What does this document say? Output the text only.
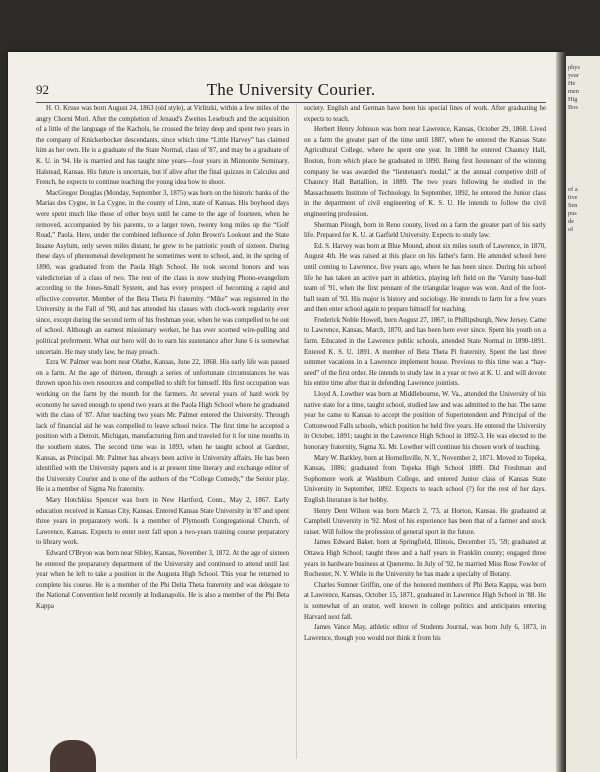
phys
year
He
men
Hig
Bos
of a
tive
Sen
pus
de
of
92	The University Courier.

H. O. Kruse was born August 24, 1863 (old style), at Virlitzki, within a few miles of the angry Chorni Mori. After the completion of Jenaud's Zweites Lesebuch and the acquisition of a little of the language of the Kachols, he crossed the briny deep and spent two years in the company of Knickerbocker descendants, since which time “Little Harvey” has claimed him as her own. He is a graduate of the State Normal, class of '87, and may be a graduate of K. U. in '94. He is married and has taught nine years—four years in Minnonite Seminary, Halstead, Kansas. His future is uncertain, but if alive after the final quizzes in Calculus and French, he expects to continue teaching the young idea how to shoot.

MacGregor Douglas (Monday, September 3, 1875) was born on the historic banks of the Marias des Cygne, in La Cygne, in the county of Linn, state of Kansas. His boyhood days were spent much like those of other boys until he came to the age of fourteen, when he removed, accompanied by his parents, to a larger town, twenty long miles up the “Golf Road,” Paola. Here, under the combined influence of John Brown's Lookout and the State Insane Asylum, only seven miles distant, he grew to be patriotic youth of sixteen. During these days of phenomenal development he sometimes went to school, and, in the spring of 1890, was graduated from the Paola High School. He took second honors and was valedictorian of a class of two. The rest of the class is now studying Phono-evangelism according to the Jones-Small System, and has every prospect of becoming a rapid and effective converter. Member of the Beta Theta Pi fraternity. “Mike” was registered in the University in the Fall of '90, and has attended his classes with clock-work regularity ever since, except during the second term of his freshman year, when he was compelled to be out of school. Although an earnest missionary worker, he has ever scorned wire-pulling and political preferment. What our hero will do to earn his sustenance after June 6 is somewhat uncertain. He may study law, he may preach.

Ezra W. Palmer was born near Olathe, Kansas, June 22, 1868. His early life was passed on a farm. At the age of thirteen, through a series of unfortunate circumstances he was thrown upon his own resources and compelled to shift for himself. His first occupation was working on the farm by the month for the farmers. At several years of hard work by economy he saved enough to spend two years at the Paola High School where he graduated with the class of '87. After teaching two years Mr. Palmer entered the University. Through lack of financial aid he was compelled to leave school twice. The first time he accepted a position with a Detroit, Michigan, manufacturing firm and traveled for it for nine months in the southern states. The second time was in 1893, when he taught school at Gardner, Kansas, as Principal. Mr. Palmer has always been active in University affairs. He has been identified with the University papers and is at present time literary and exchange editor of the University Courier and is one of the authors of the “College Comedy,” the Senior play. He is a member of Sigma Nu fraternity.

Mary Hotchkiss Spencer was born in New Hartford, Conn., May 2, 1867. Early education received in Kansas City, Kansas. Entered Kansas State University in '87 and spent three years in preparatory work. Is a member of Plymouth Congregational Church, of Lawrence, Kansas. Expects to enter next fall upon a two-years training course preparatory to library work.

Edward O'Bryon was born near Sibley, Kansas, November 3, 1872. At the age of sixteen he entered the preparatory department of the University and continued to attend until last year when he left to take a position in the Augusta High School. This year he returned to complete his course. He is a member of the Phi Delta Theta fraternity and was delegate to the National Convention held recently at Indianapolis. He is also a member of the Phi Beta Kappa

society. English and German have been his special lines of work. After graduating he expects to teach.

Herbert Henry Johnson was born near Lawrence, Kansas, October 29, 1868. Lived on a farm the greater part of the time until 1887, when he entered the Kansas State Agricultural College, where he spent one year. In 1888 he entered Chauncy Hall, Boston, from which place he graduated in 1890. Being first lieutenant of the winning company he was awarded the “lieutenant's medal,” at the annual competive drill of Chauncy Hall Battallion, in 1889. The two years following he studied in the Massachusetts Institute of Technology. In September, 1892, he entered the Junior class in the department of civil engineering of K. S. U. He intends to follow the civil engineering profession.

Sherman Plough, born in Reno county, lived on a farm the greater part of his early life. Prepared for K. U. at Garfield University. Expects to study law.

Ed. S. Harvey was born at Blue Mound, about six miles south of Lawrence, in 1870, August 4th. He was raised at this place on his father's farm. He attended school here until coming to Lawrence, five years ago, where he has been since. During his school life he has taken an active part in athletics, playing left field on the 'Varsity base-ball team of '91, when the first pennant of the triangular league was won. And of the foot-ball team of '93. His major is history and sociology. He intends to farm for a few years and then enter school again to prepare himself for teaching.

Frederick Noble Howell, born August 27, 1867, in Phillipsburgh, New Jersey. Came to Lawrence, Kansas, March, 1870, and has been here ever since. Spent his youth on a farm. Educated in the Lawrence public schools, attended State Normal in 1890-1891. Entered K. S. U. 1891. A member of Beta Theta Pi fraternity. Spent the last three summer vacations in a Lawrence implement house. Previous to this time was a “hay-seed” of the first order. He intends to study law in a year or two at K. U. and will devote his entire time after that in defending Lawrence jointists.

Lloyd A. Lowther was born at Middlebourne, W. Va., attended the University of his native state for a time, taught school, studied law and was admitted to the bar. The same year he came to Kansas to accept the position of Superintendent and Principal of the Cottonwood Falls schools, which position he held five years. He entered the University in October, 1891; taught in the Lawrence High School in 1892-3. He was elected to the honorary fraternity, Sigma Xi. Mr. Lowther will continue his chosen work of teaching.

Mary W. Barkley, born at Hornellsville, N. Y., November 2, 1871. Moved to Topeka, Kansas, 1886; graduated from Topeka High School 1889. Did Freshman and Sophomore work at Washburn College, and entered Junior class of Kansas State University in September, 1892. Expects to teach school (?) for the rest of her days. English literature is her hobby.

Henry Dent Wilson was born March 2, '73, at Horton, Kansas. He graduated at Campbell University in '92. Most of his experience has been that of a farmer and stock raiser. Will follow the profession of general sport in the future.

James Edward Baker, born at Springfield, Illinois, December 15, '59; graduated at Ottawa High School; taught three and a half years in Franklin county; engaged three years in hardware business at Quenemo. In July of '92, he married Miss Rose Fowler of Rochester, N. Y. While in the University he has made a specialty of Botany.

Charles Sumner Griffin, one of the honored members of Phi Beta Kappa, was born at Lawrence, Kansas, October 15, 1871, graduated in Lawrence High School in '88. He is somewhat of an orator, well known in college politics and anticipates entering Harvard next fall.

James Vance May, athletic editor of Students Journal, was born July 6, 1873, in Lawrence, though you would not think it from his
